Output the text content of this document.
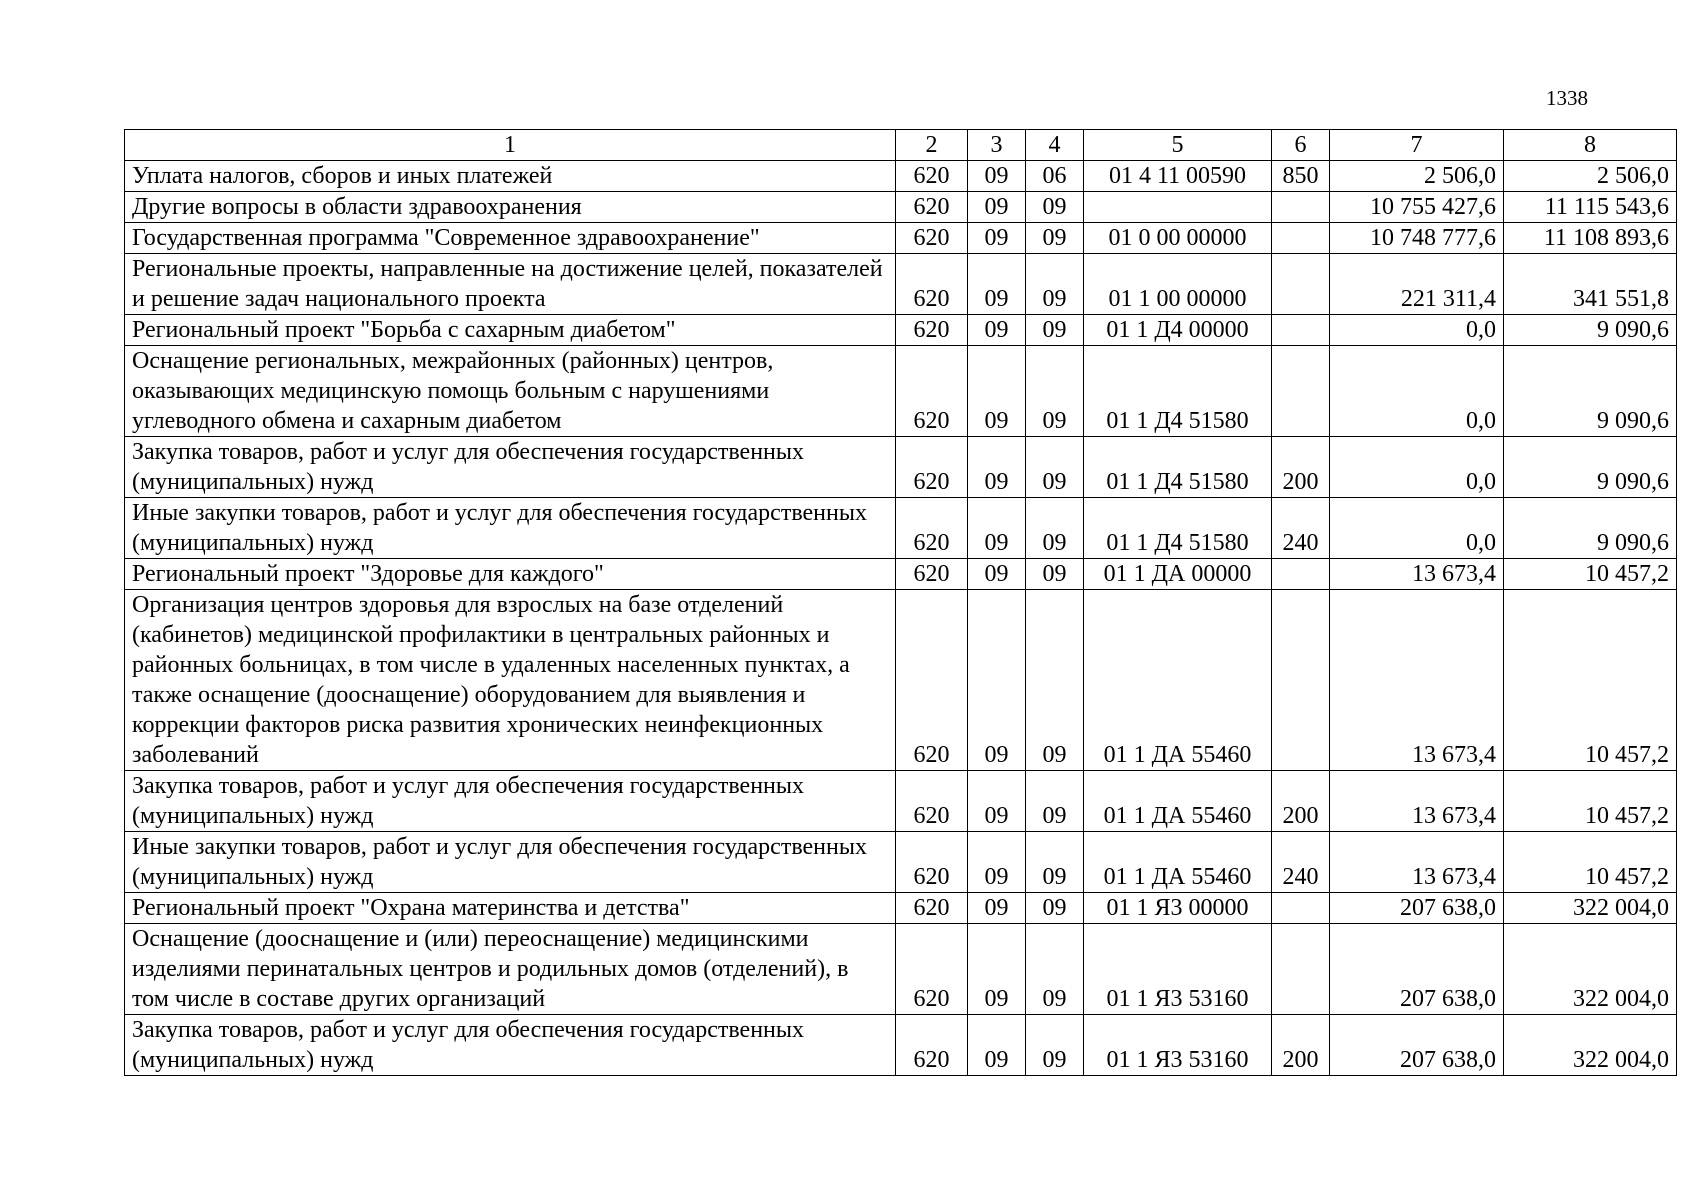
1338
1	2	3	4	5	6	7	8
Уплата налогов, сборов и иных платежей	620	09	06	01 4 11 00590	850	2 506,0	2 506,0
Другие вопросы в области здравоохранения	620	09	09			10 755 427,6	11 115 543,6
Государственная программа "Современное здравоохранение"	620	09	09	01 0 00 00000		10 748 777,6	11 108 893,6
Региональные проекты, направленные на достижение целей, показателей и решение задач национального проекта	620	09	09	01 1 00 00000		221 311,4	341 551,8
Региональный проект "Борьба с сахарным диабетом"	620	09	09	01 1 Д4 00000		0,0	9 090,6
Оснащение региональных, межрайонных (районных) центров, оказывающих медицинскую помощь больным с нарушениями углеводного обмена и сахарным диабетом	620	09	09	01 1 Д4 51580		0,0	9 090,6
Закупка товаров, работ и услуг для обеспечения государственных (муниципальных) нужд	620	09	09	01 1 Д4 51580	200	0,0	9 090,6
Иные закупки товаров, работ и услуг для обеспечения государственных (муниципальных) нужд	620	09	09	01 1 Д4 51580	240	0,0	9 090,6
Региональный проект "Здоровье для каждого"	620	09	09	01 1 ДА 00000		13 673,4	10 457,2
Организация центров здоровья для взрослых на базе отделений (кабинетов) медицинской профилактики в центральных районных и районных больницах, в том числе в удаленных населенных пунктах, а также оснащение (дооснащение) оборудованием для выявления и коррекции факторов риска развития хронических неинфекционных заболеваний	620	09	09	01 1 ДА 55460		13 673,4	10 457,2
Закупка товаров, работ и услуг для обеспечения государственных (муниципальных) нужд	620	09	09	01 1 ДА 55460	200	13 673,4	10 457,2
Иные закупки товаров, работ и услуг для обеспечения государственных (муниципальных) нужд	620	09	09	01 1 ДА 55460	240	13 673,4	10 457,2
Региональный проект "Охрана материнства и детства"	620	09	09	01 1 Я3 00000		207 638,0	322 004,0
Оснащение (дооснащение и (или) переоснащение) медицинскими изделиями перинатальных центров и родильных домов (отделений), в том числе в составе других организаций	620	09	09	01 1 Я3 53160		207 638,0	322 004,0
Закупка товаров, работ и услуг для обеспечения государственных (муниципальных) нужд	620	09	09	01 1 Я3 53160	200	207 638,0	322 004,0
